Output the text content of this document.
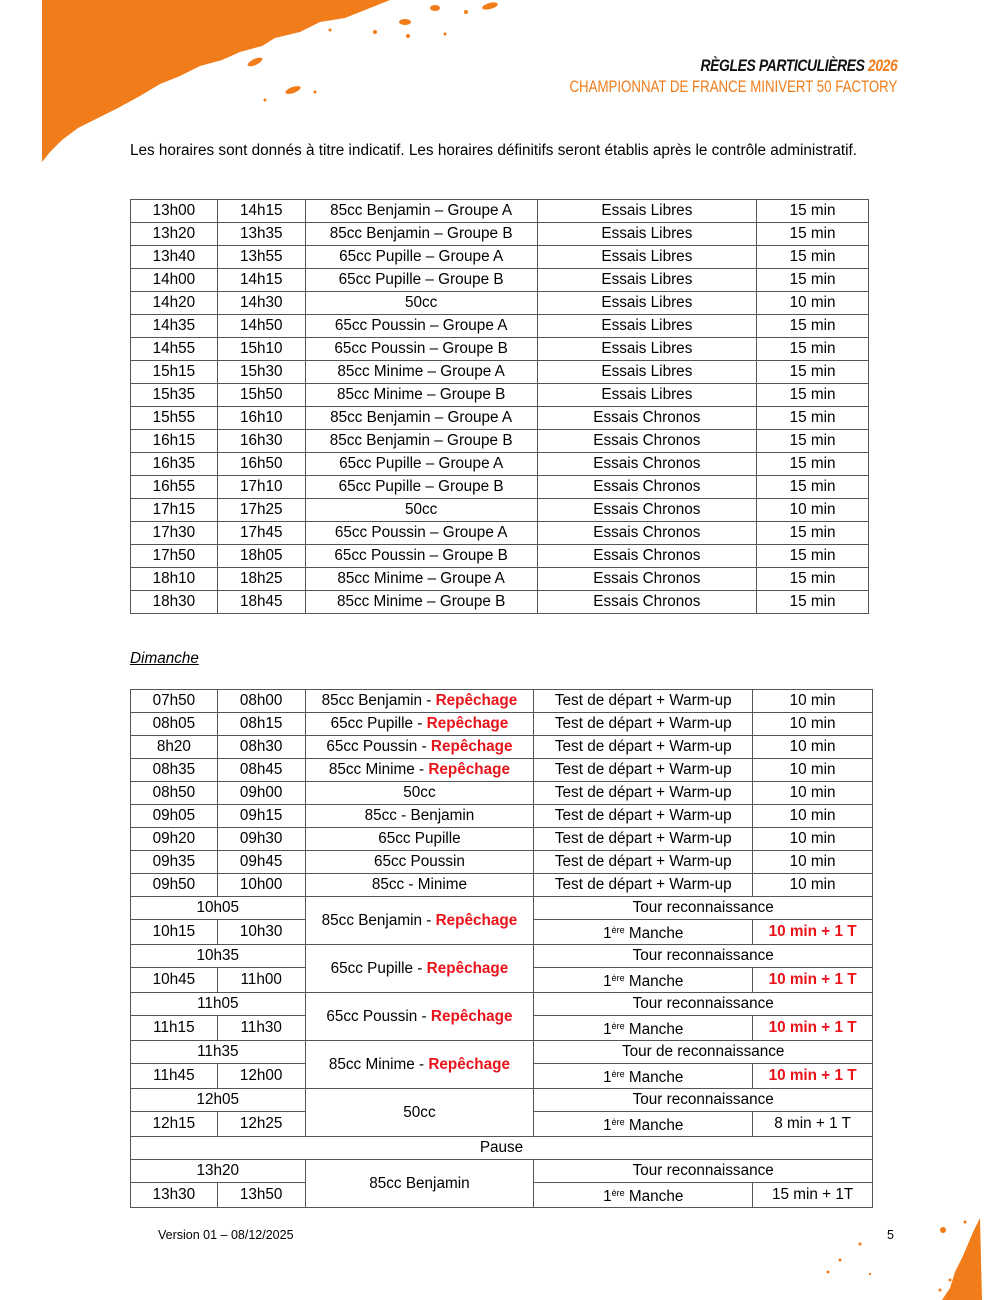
RÈGLES PARTICULIÈRES 2026
CHAMPIONNAT DE FRANCE MINIVERT 50 FACTORY
Les horaires sont donnés à titre indicatif. Les horaires définitifs seront établis après le contrôle administratif.
13h00	14h15	85cc Benjamin – Groupe A	Essais Libres	15 min
13h20	13h35	85cc Benjamin – Groupe B	Essais Libres	15 min
13h40	13h55	65cc Pupille – Groupe A	Essais Libres	15 min
14h00	14h15	65cc Pupille – Groupe B	Essais Libres	15 min
14h20	14h30	50cc	Essais Libres	10 min
14h35	14h50	65cc Poussin – Groupe A	Essais Libres	15 min
14h55	15h10	65cc Poussin – Groupe B	Essais Libres	15 min
15h15	15h30	85cc Minime – Groupe A	Essais Libres	15 min
15h35	15h50	85cc Minime – Groupe B	Essais Libres	15 min
15h55	16h10	85cc Benjamin – Groupe A	Essais Chronos	15 min
16h15	16h30	85cc Benjamin – Groupe B	Essais Chronos	15 min
16h35	16h50	65cc Pupille – Groupe A	Essais Chronos	15 min
16h55	17h10	65cc Pupille – Groupe B	Essais Chronos	15 min
17h15	17h25	50cc	Essais Chronos	10 min
17h30	17h45	65cc Poussin – Groupe A	Essais Chronos	15 min
17h50	18h05	65cc Poussin – Groupe B	Essais Chronos	15 min
18h10	18h25	85cc Minime – Groupe A	Essais Chronos	15 min
18h30	18h45	85cc Minime – Groupe B	Essais Chronos	15 min
Dimanche
07h50	08h00	85cc Benjamin - Repêchage	Test de départ + Warm-up	10 min
08h05	08h15	65cc Pupille - Repêchage	Test de départ + Warm-up	10 min
8h20	08h30	65cc Poussin - Repêchage	Test de départ + Warm-up	10 min
08h35	08h45	85cc Minime - Repêchage	Test de départ + Warm-up	10 min
08h50	09h00	50cc	Test de départ + Warm-up	10 min
09h05	09h15	85cc - Benjamin	Test de départ + Warm-up	10 min
09h20	09h30	65cc Pupille	Test de départ + Warm-up	10 min
09h35	09h45	65cc Poussin	Test de départ + Warm-up	10 min
09h50	10h00	85cc - Minime	Test de départ + Warm-up	10 min
10h05		85cc Benjamin - Repêchage	Tour reconnaissance	
10h15	10h30		1ère Manche	10 min + 1 T
10h35		65cc Pupille - Repêchage	Tour reconnaissance	
10h45	11h00		1ère Manche	10 min + 1 T
11h05		65cc Poussin - Repêchage	Tour reconnaissance	
11h15	11h30		1ère Manche	10 min + 1 T
11h35		85cc Minime - Repêchage	Tour de reconnaissance	
11h45	12h00		1ère Manche	10 min + 1 T
12h05		50cc	Tour reconnaissance	
12h15	12h25		1ère Manche	8 min + 1 T
Pause				
13h20		85cc Benjamin	Tour reconnaissance	
13h30	13h50		1ère Manche	15 min + 1T
Version 01 – 08/12/2025	5
